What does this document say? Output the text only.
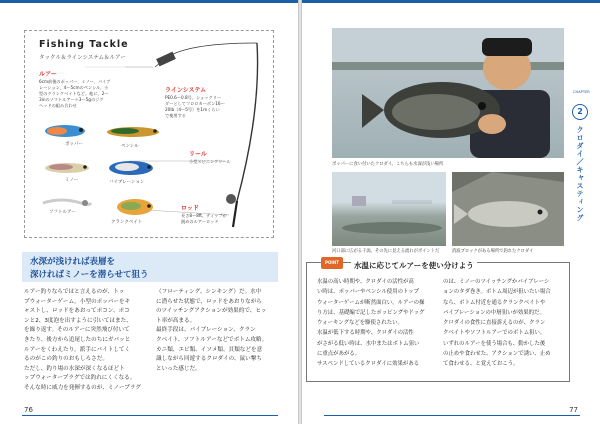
Fishing Tackle
タックル＆ラインシステム＆ルアー
ルアー
6cm前後のポッパー、ミノー、バイブ
レーション、4～5cmのペンシル、小
型のクランクベイトなど。他に、2～
3inのソフトルアー＋3～5gのジグ
ヘッドの組み合わせ
ラインシステム
PE0.6～0.8号、ショックリー
ダーとしてフロロカーボン16～
20lb（4～5号）を1mくらい
で使用する
リール
小型スピニングリール
ロッド
長さ8～8ft。ティップが
鋭めのルアーロッド
ポッパー	ペンシル
ミノー	バイブレーション
ソフトルアー
クランクベイト
水深が浅ければ表層を
深ければミノーを潜らせて狙う
ルアー釣りならではと言えるのが、トッ
プウォーターゲーム。小型のポッパーをキ
ャストし、ロッドをあおってポコン、ポコ
ンと2、3度泡を出すように引いてはまた、
を繰り返す。そのルアーに突然飛び付いて
きたり、後方から追尾したのちにガバッと
ルアーをくわえたり。派手にバイトしてく
るのがこの釣りのおもしろさだ。
ただし、釣り場の水深が深くなるほどト
ップウォータープラグでは釣れにくくなる。
そんな時に威力を発揮するのが、ミノープラグ
（フローティング、シンキング）だ。水中
に潜らせた状態で、ロッドをあおりながら
のツイッチングアクションが効果的で、ヒッ
ト率が高まる。
最終手段は、バイブレーション、クラン
クベイト、ソフトルアーなどでボトム攻略。
カニ類、エビ類、イソメ類、貝類などを意
識しながら回遊するクロダイの、鼠い撃ち
といった感じだ。
76
ポッパーに食い付いたクロダイ。こちらも水深が浅い場所
CHAPTER
2
クロダイ／キャスティング
河口部に広がる干潟。その先に見える流れがポイントだ	消波ブロックがある場所で釣れたクロダイ
POINT	水温に応じてルアーを使い分けよう
水温の高い時期や、クロダイの活性が高
い時は、ポッパーやペンシル使用のトップ
ウォーターゲームが断然面白い。ルアーの操
り方は、基礎編で記したポッピングやドッグ
ウォーキングなどを駆使されたい。
水温が低下する時期や、クロダイの活性
がさがる低い時は、水中またはボトム狙い
に重点があがる。
サスペンドしているクロダイに効果がある
のは、ミノーのツイッチングかバイブレーシ
ョンのタダ巻き。ボトム周辺が狙いたい場合
なら、ボトム付近を通るクランクベイトや
バイブレーションの中層狙いが効果的だ。
クロダイの食性に直接訴えるのが、クラン
クベイトやソフトルアーでのボトム狙い。
いずれのルアーを使う場合も、動かした後
の止めや食わせた、アクションで誘い、止め
て食わせる、と覚えておこう。
77
